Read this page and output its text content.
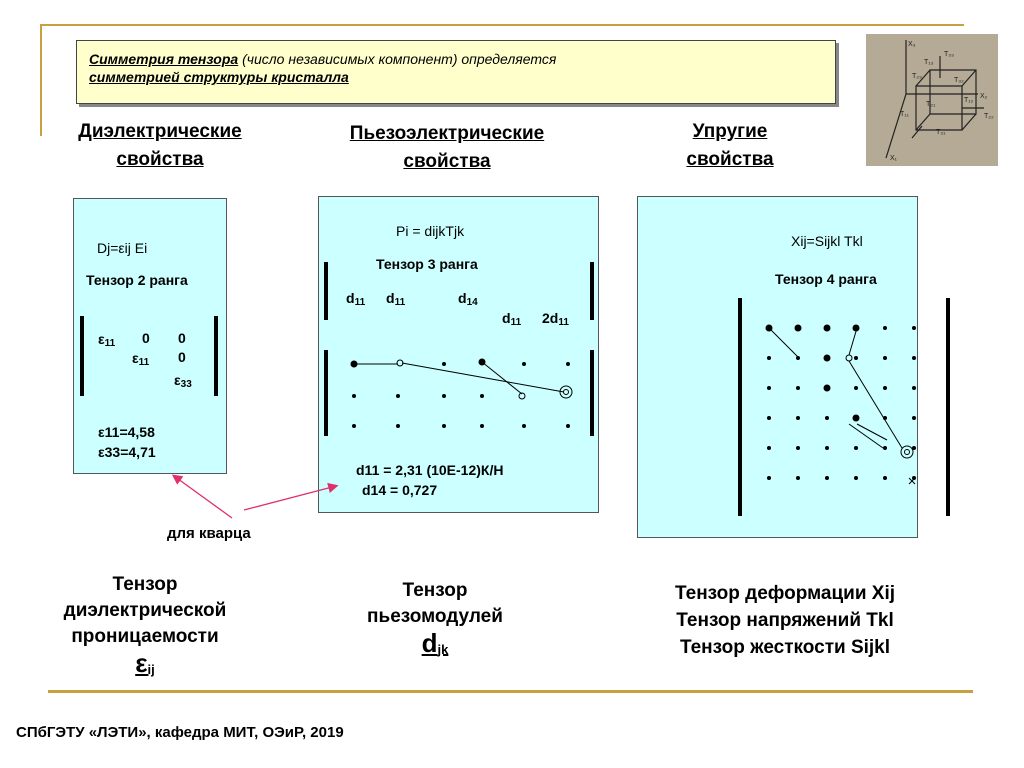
Симметрия тензора (число независимых компонент) определяется
симметрией структуры кристалла
X₃
X₂
X₁
T₃₃
T₂₃
T₁₃
T₃₂
T₁₁
T₂₁
T₂₂
T₁₂
T₃₁
Диэлектрические
свойства
Пьезоэлектрические
свойства
Упругие
свойства
Dj=εij Ei
Тензор 2 ранга
$\varepsilon_{11}$ 0 0
$\varepsilon_{11}$ 0
$\varepsilon_{33}$
ε11=4,58
ε33=4,71
Pi = dijkTjk
Тензор 3 ранга
$d_{11}$ $d_{11}$	$d_{14}$
$d_{11}$ $2d_{11}$
d11 = 2,31 (10E-12)К/Н
d14 = 0,727
Xij=Sijkl Tkl
Тензор 4 ранга
для кварца
Тензор
диэлектрической
проницаемости
$\varepsilon_{ij}$
Тензор
пьезомодулей
$d_{jk}$
Тензор деформации Xij
Тензор напряжений Tkl
Тензор жесткости Sijkl
СПбГЭТУ «ЛЭТИ», кафедра МИТ, ОЭиР, 2019
